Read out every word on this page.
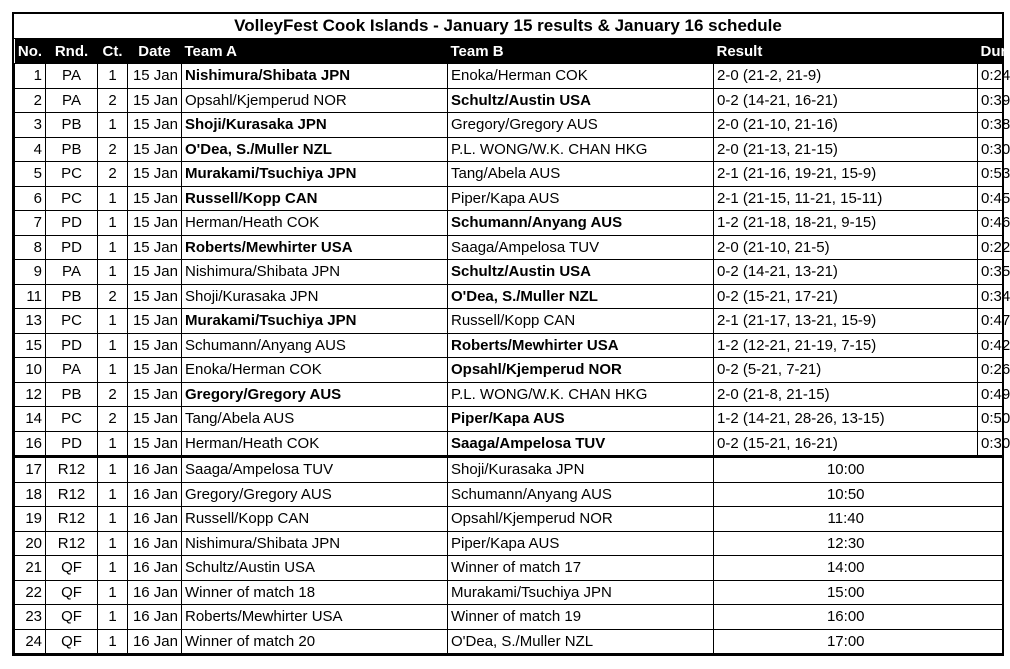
VolleyFest Cook Islands - January 15 results & January 16 schedule
No.	Rnd.	Ct.	Date	Team A	Team B	Result	Dur.
1	PA	1	15 Jan	Nishimura/Shibata JPN	Enoka/Herman COK	2-0 (21-2, 21-9)	0:24
2	PA	2	15 Jan	Opsahl/Kjemperud NOR	Schultz/Austin USA	0-2 (14-21, 16-21)	0:39
3	PB	1	15 Jan	Shoji/Kurasaka JPN	Gregory/Gregory AUS	2-0 (21-10, 21-16)	0:38
4	PB	2	15 Jan	O'Dea, S./Muller NZL	P.L. WONG/W.K. CHAN HKG	2-0 (21-13, 21-15)	0:30
5	PC	2	15 Jan	Murakami/Tsuchiya JPN	Tang/Abela AUS	2-1 (21-16, 19-21, 15-9)	0:53
6	PC	1	15 Jan	Russell/Kopp CAN	Piper/Kapa AUS	2-1 (21-15, 11-21, 15-11)	0:45
7	PD	1	15 Jan	Herman/Heath COK	Schumann/Anyang AUS	1-2 (21-18, 18-21, 9-15)	0:46
8	PD	1	15 Jan	Roberts/Mewhirter USA	Saaga/Ampelosa TUV	2-0 (21-10, 21-5)	0:22
9	PA	1	15 Jan	Nishimura/Shibata JPN	Schultz/Austin USA	0-2 (14-21, 13-21)	0:35
11	PB	2	15 Jan	Shoji/Kurasaka JPN	O'Dea, S./Muller NZL	0-2 (15-21, 17-21)	0:34
13	PC	1	15 Jan	Murakami/Tsuchiya JPN	Russell/Kopp CAN	2-1 (21-17, 13-21, 15-9)	0:47
15	PD	1	15 Jan	Schumann/Anyang AUS	Roberts/Mewhirter USA	1-2 (12-21, 21-19, 7-15)	0:42
10	PA	1	15 Jan	Enoka/Herman COK	Opsahl/Kjemperud NOR	0-2 (5-21, 7-21)	0:26
12	PB	2	15 Jan	Gregory/Gregory AUS	P.L. WONG/W.K. CHAN HKG	2-0 (21-8, 21-15)	0:49
14	PC	2	15 Jan	Tang/Abela AUS	Piper/Kapa AUS	1-2 (14-21, 28-26, 13-15)	0:50
16	PD	1	15 Jan	Herman/Heath COK	Saaga/Ampelosa TUV	0-2 (15-21, 16-21)	0:30
17	R12	1	16 Jan	Saaga/Ampelosa TUV	Shoji/Kurasaka JPN	10:00	
18	R12	1	16 Jan	Gregory/Gregory AUS	Schumann/Anyang AUS	10:50	
19	R12	1	16 Jan	Russell/Kopp CAN	Opsahl/Kjemperud NOR	11:40	
20	R12	1	16 Jan	Nishimura/Shibata JPN	Piper/Kapa AUS	12:30	
21	QF	1	16 Jan	Schultz/Austin USA	Winner of match 17	14:00	
22	QF	1	16 Jan	Winner of match 18	Murakami/Tsuchiya JPN	15:00	
23	QF	1	16 Jan	Roberts/Mewhirter USA	Winner of match 19	16:00	
24	QF	1	16 Jan	Winner of match 20	O'Dea, S./Muller NZL	17:00	
